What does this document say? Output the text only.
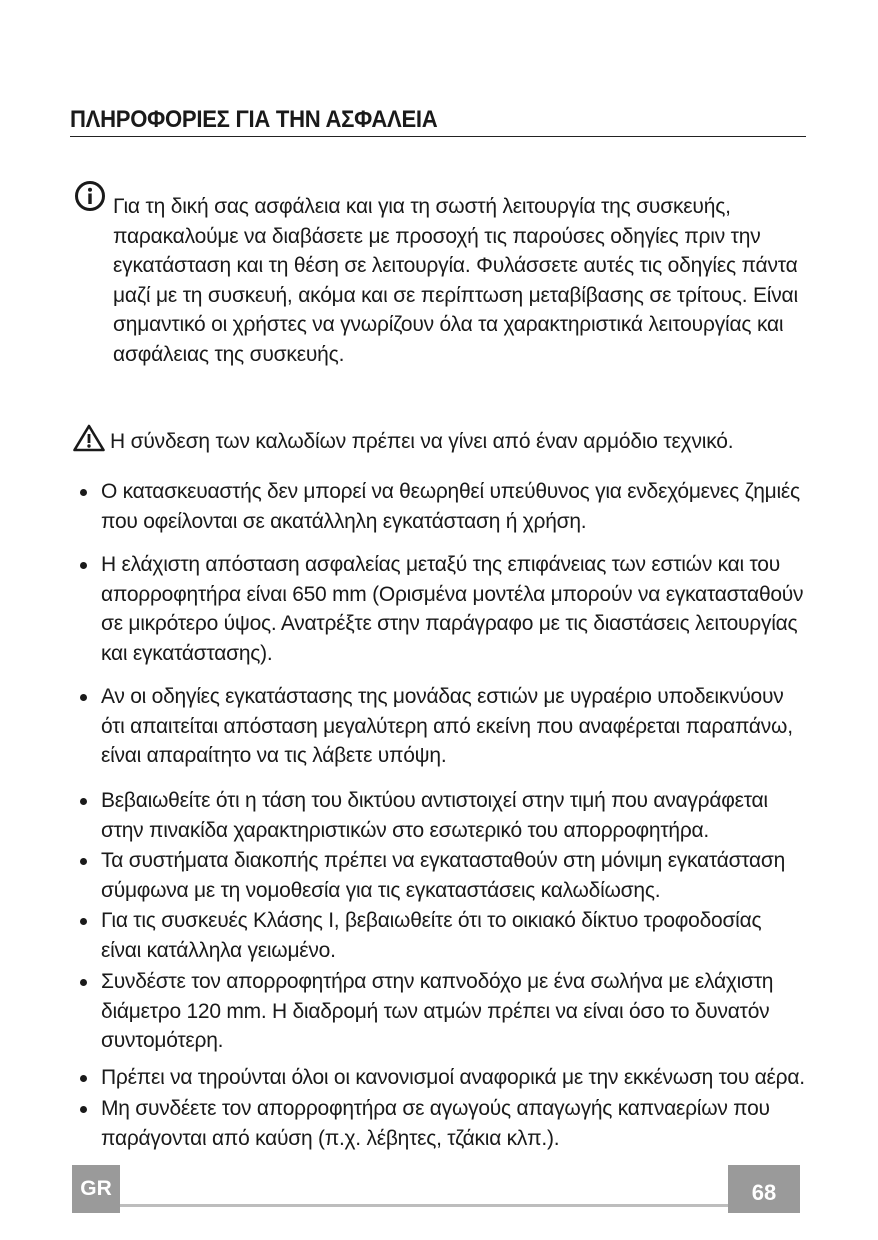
ΠΛΗΡΟΦΟΡΙΕΣ ΓΙΑ ΤΗΝ ΑΣΦΑΛΕΙΑ
Για τη δική σας ασφάλεια και για τη σωστή λειτουργία της συσκευής,
παρακαλούμε να διαβάσετε με προσοχή τις παρούσες οδηγίες πριν την εγκατάσταση και τη θέση σε λειτουργία. Φυλάσσετε αυτές τις οδηγίες πάντα μαζί με τη συσκευή, ακόμα και σε περίπτωση μεταβίβασης σε τρίτους. Είναι σημαντικό οι χρήστες να γνωρίζουν όλα τα χαρακτηριστικά λειτουργίας και ασφάλειας της συσκευής.
Η σύνδεση των καλωδίων πρέπει να γίνει από έναν αρμόδιο τεχνικό.
Ο κατασκευαστής δεν μπορεί να θεωρηθεί υπεύθυνος για ενδεχόμενες ζημιές που οφείλονται σε ακατάλληλη εγκατάσταση ή χρήση.
Η ελάχιστη απόσταση ασφαλείας μεταξύ της επιφάνειας των εστιών και του απορροφητήρα είναι 650 mm (Ορισμένα μοντέλα μπορούν να εγκατασταθούν σε μικρότερο ύψος. Ανατρέξτε στην παράγραφο με τις διαστάσεις λειτουργίας και εγκατάστασης).
Αν οι οδηγίες εγκατάστασης της μονάδας εστιών με υγραέριο υποδεικνύουν ότι απαιτείται απόσταση μεγαλύτερη από εκείνη που αναφέρεται παραπάνω, είναι απαραίτητο να τις λάβετε υπόψη.
Βεβαιωθείτε ότι η τάση του δικτύου αντιστοιχεί στην τιμή που αναγράφεται στην πινακίδα χαρακτηριστικών στο εσωτερικό του απορροφητήρα.
Τα συστήματα διακοπής πρέπει να εγκατασταθούν στη μόνιμη εγκατάσταση σύμφωνα με τη νομοθεσία για τις εγκαταστάσεις καλωδίωσης.
Για τις συσκευές Κλάσης Ι, βεβαιωθείτε ότι το οικιακό δίκτυο τροφοδοσίας είναι κατάλληλα γειωμένο.
Συνδέστε τον απορροφητήρα στην καπνοδόχο με ένα σωλήνα με ελάχιστη διάμετρο 120 mm. Η διαδρομή των ατμών πρέπει να είναι όσο το δυνατόν συντομότερη.
Πρέπει να τηρούνται όλοι οι κανονισμοί αναφορικά με την εκκένωση του αέρα.
Μη συνδέετε τον απορροφητήρα σε αγωγούς απαγωγής καπναερίων που παράγονται από καύση (π.χ. λέβητες, τζάκια κλπ.).
GR	68
